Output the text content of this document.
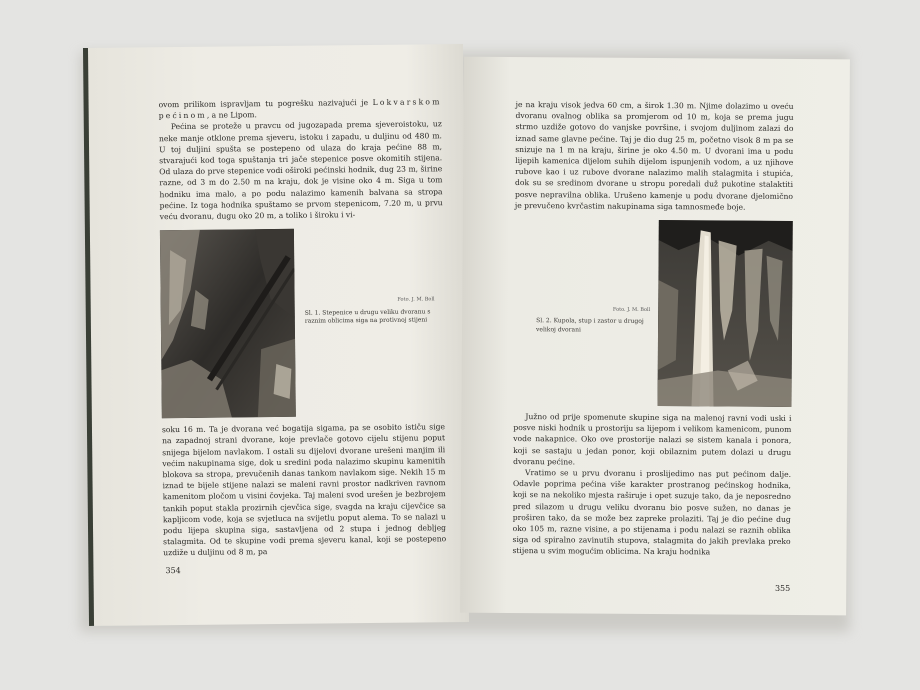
ovom prilikom ispravljam tu pogrešku nazivajući je Lokvarskom pećinom, a ne Lipom.

Pećina se proteže u pravcu od jugozapada prema sjeveroistoku, uz neke manje otklone prema sjeveru, istoku i zapadu, u duljinu od 480 m. U toj duljini spušta se postepeno od ulaza do kraja pećine 88 m, stvarajući kod toga spuštanja tri jače stepenice posve okomitih stijena. Od ulaza do prve stepenice vodi oširoki pećinski hodnik, dug 23 m, širine razne, od 3 m do 2.50 m na kraju, dok je visine oko 4 m. Siga u tom hodniku ima malo, a po podu nalazimo kamenih balvana sa stropa pećine. Iz toga hodnika spuštamo se prvom stepenicom, 7.20 m, u prvu veću dvoranu, dugu oko 20 m, a toliko i široku i vi-

Foto. J. M. Boll
Sl. 1. Stepenice u drugu veliku dvoranu s raznim oblicima siga na protivnoj stijeni

soku 16 m. Ta je dvorana već bogatija sigama, pa se osobito ističu sige na zapadnoj strani dvorane, koje prevlače gotovo cijelu stijenu poput snijega bijelom navlakom. I ostali su dijelovi dvorane urešeni manjim ili većim nakupinama sige, dok u sredini poda nalazimo skupinu kamenitih blokova sa stropa, prevučenih danas tankom navlakom sige. Nekih 15 m iznad te bijele stijene nalazi se maleni ravni prostor nadkriven ravnom kamenitom pločom u visini čovjeka. Taj maleni svod urešen je bezbrojem tankih poput stakla prozirnih cjevčica sige, svagda na kraju cijevčice sa kapljicom vode, koja se svjetluca na svijetlu poput alema. To se nalazi u podu lijepa skupina siga, sastavljena od 2 stupa i jednog debljeg stalagmita. Od te skupine vodi prema sjeveru kanal, koji se postepeno uzdiže u duljinu od 8 m, pa

354

je na kraju visok jedva 60 cm, a širok 1.30 m. Njime dolazimo u oveću dvoranu ovalnog oblika sa promjerom od 10 m, koja se prema jugu strmo uzdiže gotovo do vanjske površine, i svojom duljinom zalazi do iznad same glavne pećine. Taj je dio dug 25 m, početno visok 8 m pa se snizuje na 1 m na kraju, širine je oko 4.50 m. U dvorani ima u podu lijepih kamenica dijelom suhih dijelom ispunjenih vodom, a uz njihove rubove kao i uz rubove dvorane nalazimo malih stalagmita i stupića, dok su se sredinom dvorane u stropu poredali duž pukotine stalaktiti posve nepravilna oblika. Urušeno kamenje u podu dvorane djelomično je prevučeno kvrčastim nakupinama siga tamnosmeđe boje.

Foto. J. M. Boll
Sl. 2. Kupola, stup i zastor u drugoj velikoj dvorani

Južno od prije spomenute skupine siga na malenoj ravni vodi uski i posve niski hodnik u prostoriju sa lijepom i velikom kamenicom, punom vode nakapnice. Oko ove prostorije nalazi se sistem kanala i ponora, koji se sastaju u jedan ponor, koji obilaznim putem dolazi u drugu dvoranu pećine.

Vratimo se u prvu dvoranu i proslijedimo nas put pećinom dalje. Odavle poprima pećina više karakter prostranog pećinskog hodnika, koji se na nekoliko mjesta raširuje i opet suzuje tako, da je neposredno pred silazom u drugu veliku dvoranu bio posve sužen, no danas je proširen tako, da se može bez zapreke prolaziti. Taj je dio pećine dug oko 105 m, razne visine, a po stijenama i podu nalazi se raznih oblika siga od spiralno zavinutih stupova, stalagmita do jakih prevlaka preko stijena u svim mogućim oblicima. Na kraju hodnika

355
